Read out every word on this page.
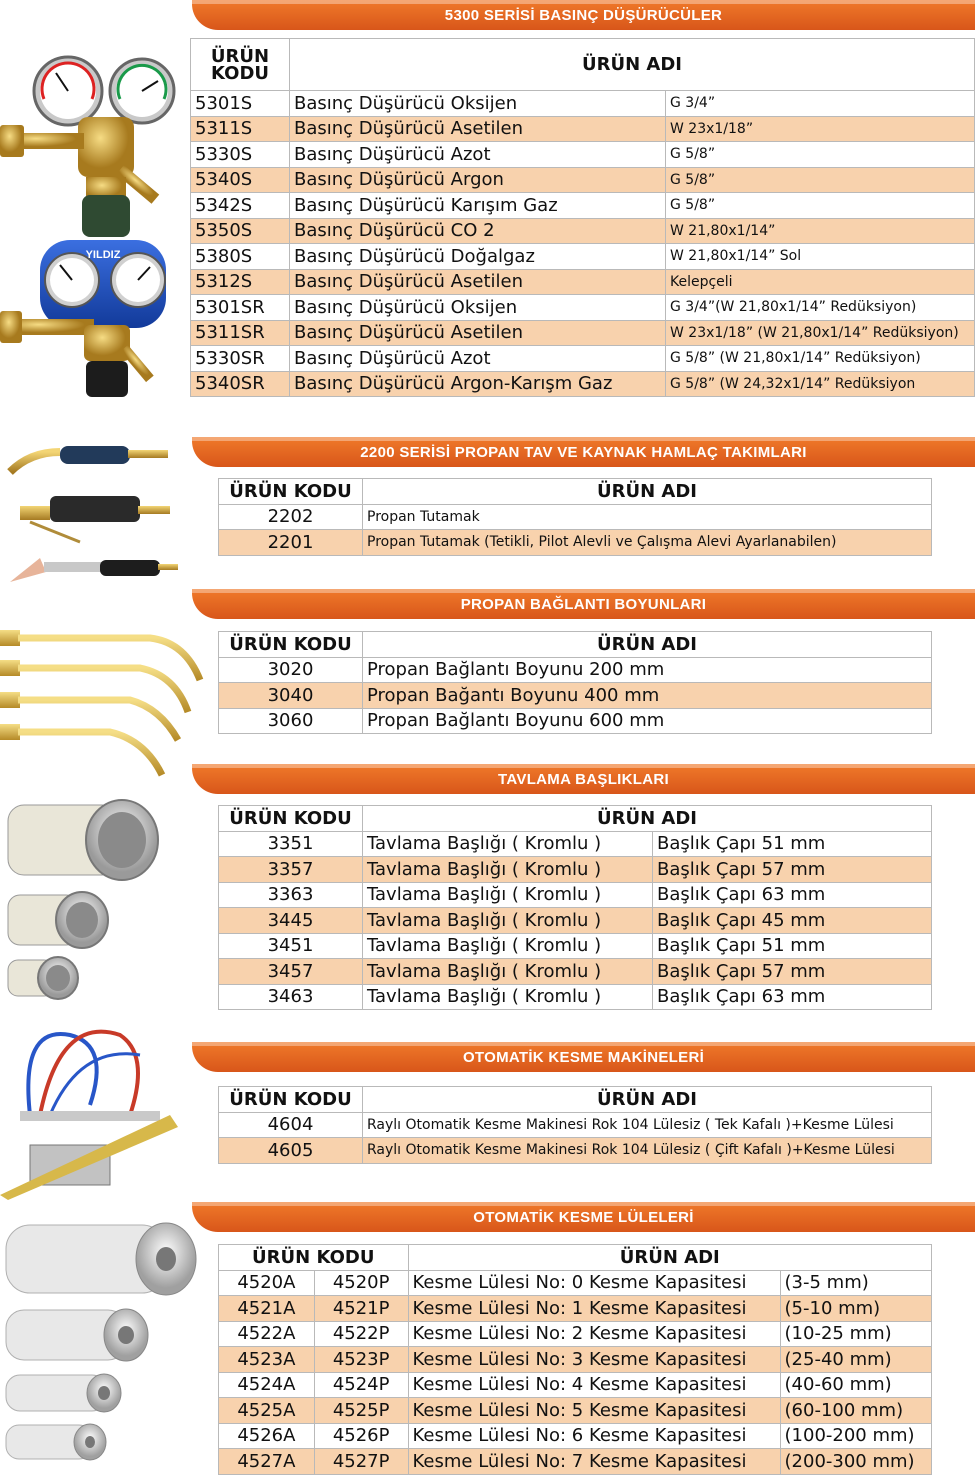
5300 SERİSİ BASINÇ DÜŞÜRÜCÜLER
ÜRÜN
KODU	ÜRÜN ADI	
5301S	Basınç Düşürücü Oksijen	G 3/4”
5311S	Basınç Düşürücü Asetilen	W 23x1/18”
5330S	Basınç Düşürücü Azot	G 5/8”
5340S	Basınç Düşürücü Argon	G 5/8”
5342S	Basınç Düşürücü Karışım Gaz	G 5/8”
5350S	Basınç Düşürücü CO 2	W 21,80x1/14”
5380S	Basınç Düşürücü Doğalgaz	W 21,80x1/14” Sol
5312S	Basınç Düşürücü Asetilen	Kelepçeli
5301SR	Basınç Düşürücü Oksijen	G 3/4”(W 21,80x1/14” Redüksiyon)
5311SR	Basınç Düşürücü Asetilen	W 23x1/18” (W 21,80x1/14” Redüksiyon)
5330SR	Basınç Düşürücü Azot	G 5/8” (W 21,80x1/14” Redüksiyon)
5340SR	Basınç Düşürücü Argon-Karışm Gaz	G 5/8” (W 24,32x1/14” Redüksiyon
2200 SERİSİ PROPAN TAV VE KAYNAK HAMLAÇ TAKIMLARI
ÜRÜN KODU	ÜRÜN ADI
2202	Propan Tutamak
2201	Propan Tutamak (Tetikli, Pilot Alevli ve Çalışma Alevi Ayarlanabilen)
PROPAN BAĞLANTI BOYUNLARI
ÜRÜN KODU	ÜRÜN ADI
3020	Propan Bağlantı Boyunu 200 mm
3040	Propan Bağantı Boyunu 400 mm
3060	Propan Bağlantı Boyunu 600 mm
TAVLAMA BAŞLIKLARI
ÜRÜN KODU	ÜRÜN ADI	
3351	Tavlama Başlığı ( Kromlu )	Başlık Çapı 51 mm
3357	Tavlama Başlığı ( Kromlu )	Başlık Çapı 57 mm
3363	Tavlama Başlığı ( Kromlu )	Başlık Çapı 63 mm
3445	Tavlama Başlığı ( Kromlu )	Başlık Çapı 45 mm
3451	Tavlama Başlığı ( Kromlu )	Başlık Çapı 51 mm
3457	Tavlama Başlığı ( Kromlu )	Başlık Çapı 57 mm
3463	Tavlama Başlığı ( Kromlu )	Başlık Çapı 63 mm
OTOMATİK KESME MAKİNELERİ
ÜRÜN KODU	ÜRÜN ADI
4604	Raylı Otomatik Kesme Makinesi Rok 104 Lülesiz ( Tek Kafalı )+Kesme Lülesi
4605	Raylı Otomatik Kesme Makinesi Rok 104 Lülesiz ( Çift Kafalı )+Kesme Lülesi
OTOMATİK KESME LÜLELERİ
ÜRÜN KODU		ÜRÜN ADI	
4520A	4520P	Kesme Lülesi No: 0 Kesme Kapasitesi	(3-5 mm)
4521A	4521P	Kesme Lülesi No: 1 Kesme Kapasitesi	(5-10 mm)
4522A	4522P	Kesme Lülesi No: 2 Kesme Kapasitesi	(10-25 mm)
4523A	4523P	Kesme Lülesi No: 3 Kesme Kapasitesi	(25-40 mm)
4524A	4524P	Kesme Lülesi No: 4 Kesme Kapasitesi	(40-60 mm)
4525A	4525P	Kesme Lülesi No: 5 Kesme Kapasitesi	(60-100 mm)
4526A	4526P	Kesme Lülesi No: 6 Kesme Kapasitesi	(100-200 mm)
4527A	4527P	Kesme Lülesi No: 7 Kesme Kapasitesi	(200-300 mm)
YILDIZ
